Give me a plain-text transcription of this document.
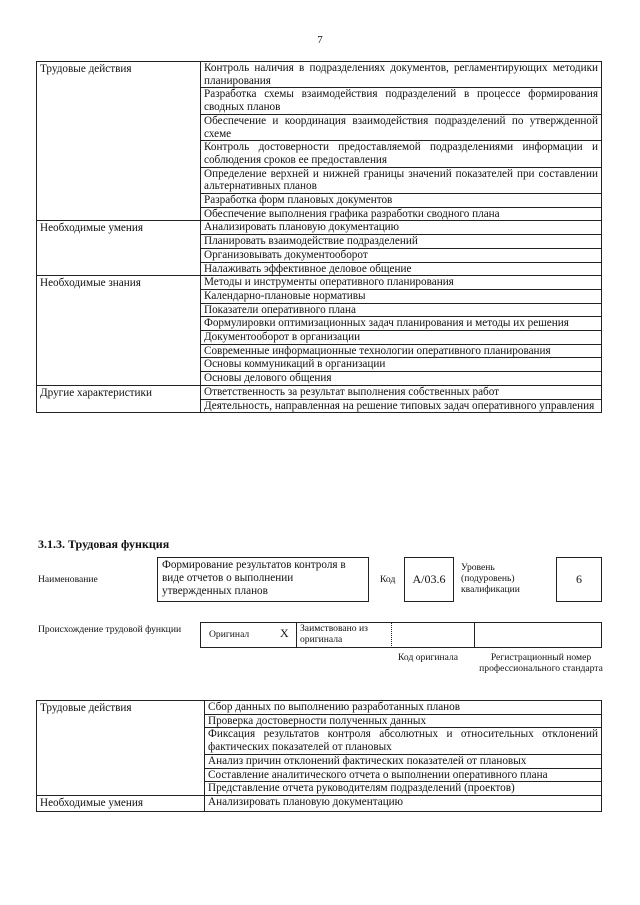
7
Трудовые действия	Контроль наличия в подразделениях документов, регламентирующих методики планирования
	Разработка схемы взаимодействия подразделений в процессе формирования сводных планов
	Обеспечение и координация взаимодействия подразделений по утвержденной схеме
	Контроль достоверности предоставляемой подразделениями информации и соблюдения сроков ее предоставления
	Определение верхней и нижней границы значений показателей при составлении альтернативных планов
	Разработка форм плановых документов
	Обеспечение выполнения графика разработки сводного плана
Необходимые умения	Анализировать плановую документацию
	Планировать взаимодействие подразделений
	Организовывать документооборот
	Налаживать эффективное деловое общение
Необходимые знания	Методы и инструменты оперативного планирования
	Календарно-плановые нормативы
	Показатели оперативного плана
	Формулировки оптимизационных задач планирования и методы их решения
	Документооборот в организации
	Современные информационные технологии оперативного планирования
	Основы коммуникаций в организации
	Основы делового общения
Другие характеристики	Ответственность за результат выполнения собственных работ
	Деятельность, направленная на решение типовых задач оперативного управления
3.1.3. Трудовая функция
Наименование
Формирование результатов контроля в виде отчетов о выполнении утвержденных планов
Код А/03.6
Уровень (подуровень) квалификации
6
Происхождение трудовой функции	Оригинал	Х Заимствовано из оригинала
Код оригинала	Регистрационный номер профессионального стандарта
Трудовые действия	Сбор данных по выполнению разработанных планов
	Проверка достоверности полученных данных
	Фиксация результатов контроля абсолютных и относительных отклонений фактических показателей от плановых
	Анализ причин отклонений фактических показателей от плановых
	Составление аналитического отчета о выполнении оперативного плана
	Представление отчета руководителям подразделений (проектов)
Необходимые умения	Анализировать плановую документацию
